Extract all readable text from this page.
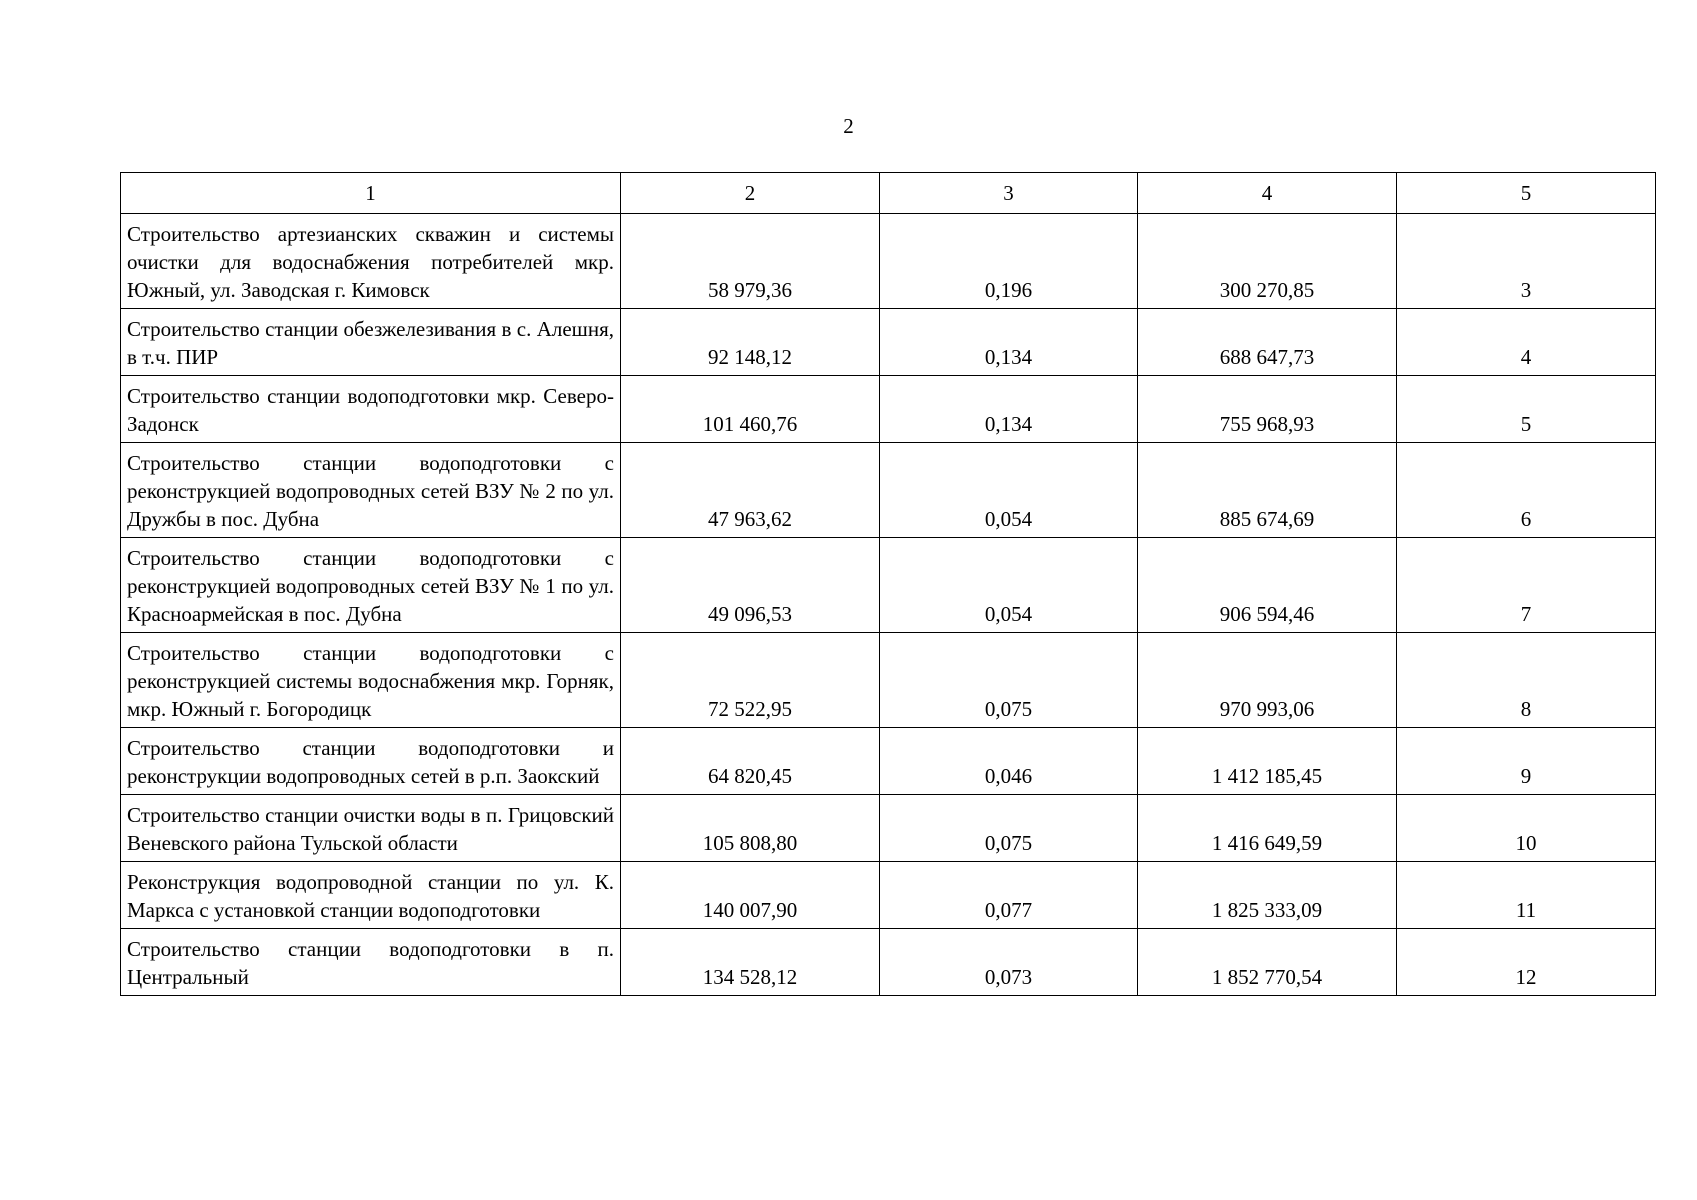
2
1	2	3	4	5
Строительство артезианских скважин и системы очистки для водоснабжения потребителей мкр. Южный, ул. Заводская г. Кимовск	58 979,36	0,196	300 270,85	3
Строительство станции обезжелезивания в с. Алешня, в т.ч. ПИР	92 148,12	0,134	688 647,73	4
Строительство станции водоподготовки мкр. Северо-Задонск	101 460,76	0,134	755 968,93	5
Строительство станции водоподготовки с реконструкцией водопроводных сетей ВЗУ № 2 по ул. Дружбы в пос. Дубна	47 963,62	0,054	885 674,69	6
Строительство станции водоподготовки с реконструкцией водопроводных сетей ВЗУ № 1 по ул. Красноармейская в пос. Дубна	49 096,53	0,054	906 594,46	7
Строительство станции водоподготовки с реконструкцией системы водоснабжения мкр. Горняк, мкр. Южный г. Богородицк	72 522,95	0,075	970 993,06	8
Строительство станции водоподготовки и реконструкции водопроводных сетей в р.п. Заокский	64 820,45	0,046	1 412 185,45	9
Строительство станции очистки воды в п. Грицовский Веневского района Тульской области	105 808,80	0,075	1 416 649,59	10
Реконструкция водопроводной станции по ул. К. Маркса с установкой станции водоподготовки	140 007,90	0,077	1 825 333,09	11
Строительство станции водоподготовки в п. Центральный	134 528,12	0,073	1 852 770,54	12
